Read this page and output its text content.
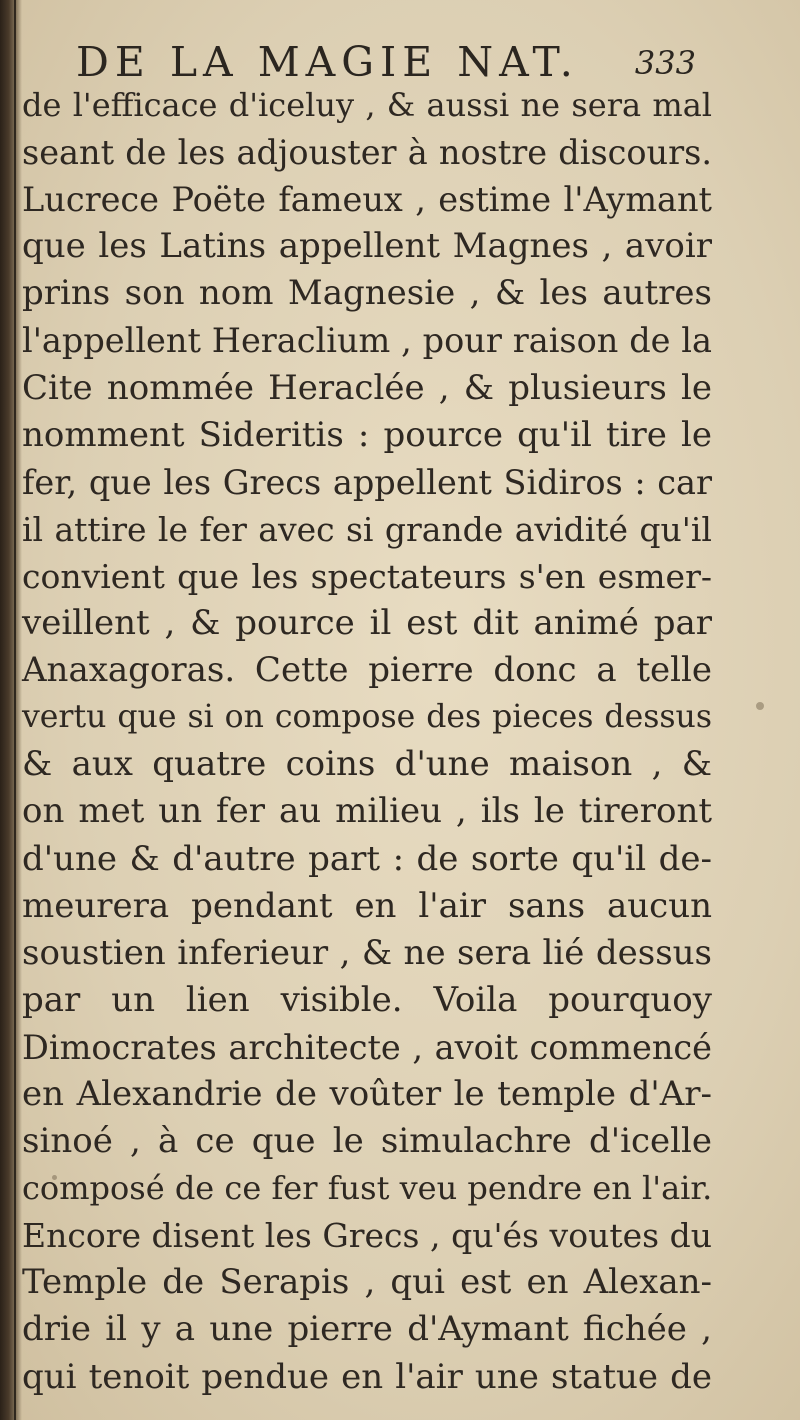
DE LA MAGIE NAT. 333
de l'efficace d'iceluy , & aussi ne sera mal
seant de les adjouster à nostre discours.
Lucrece Poëte fameux , estime l'Aymant
que les Latins appellent Magnes , avoir
prins son nom Magnesie , & les autres
l'appellent Heraclium , pour raison de la
Cite nommée Heraclée , & plusieurs le
nomment Sideritis : pource qu'il tire le
fer, que les Grecs appellent Sidiros : car
il attire le fer avec si grande avidité qu'il
convient que les spectateurs s'en esmer-
veillent , & pource il est dit animé par
Anaxagoras. Cette pierre donc a telle
vertu que si on compose des pieces dessus
& aux quatre coins d'une maison , &
on met un fer au milieu , ils le tireront
d'une & d'autre part : de sorte qu'il de-
meurera pendant en l'air sans aucun
soustien inferieur , & ne sera lié dessus
par un lien visible. Voila pourquoy
Dimocrates architecte , avoit commencé
en Alexandrie de voûter le temple d'Ar-
sinoé , à ce que le simulachre d'icelle
composé de ce fer fust veu pendre en l'air.
Encore disent les Grecs , qu'és voutes du
Temple de Serapis , qui est en Alexan-
drie il y a une pierre d'Aymant fichée ,
qui tenoit pendue en l'air une statue de
